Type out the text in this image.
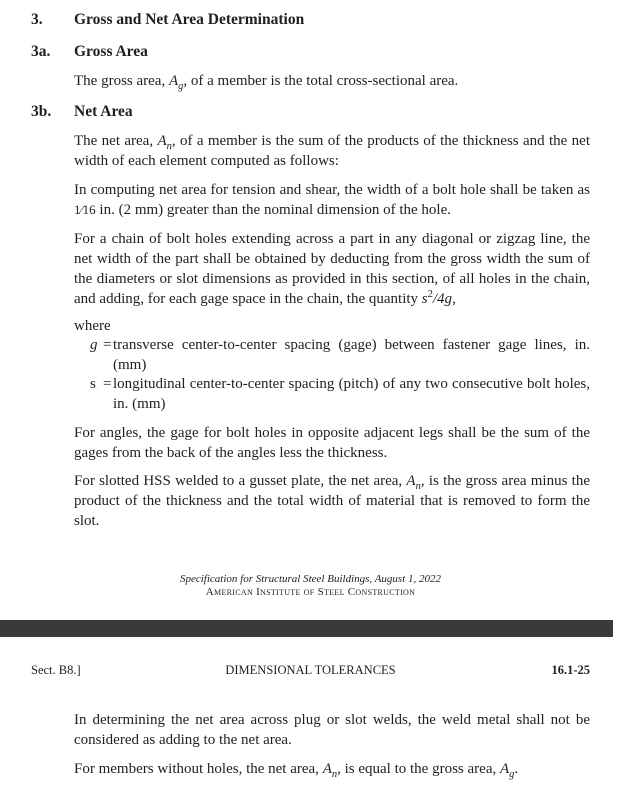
3. Gross and Net Area Determination
3a. Gross Area

The gross area, $A_g$, of a member is the total cross-sectional area.

3b. Net Area

The net area, $A_n$, of a member is the sum of the products of the thickness and the net width of each element computed as follows:

In computing net area for tension and shear, the width of a bolt hole shall be taken as 1⁄16 in. (2 mm) greater than the nominal dimension of the hole.

For a chain of bolt holes extending across a part in any diagonal or zigzag line, the net width of the part shall be obtained by deducting from the gross width the sum of the diameters or slot dimensions as provided in this section, of all holes in the chain, and adding, for each gage space in the chain, the quantity $s^2/4g$,

where
g = transverse center-to-center spacing (gage) between fastener gage lines, in. (mm)
s = longitudinal center-to-center spacing (pitch) of any two consecutive bolt holes, in. (mm)

For angles, the gage for bolt holes in opposite adjacent legs shall be the sum of the gages from the back of the angles less the thickness.

For slotted HSS welded to a gusset plate, the net area, $A_n$, is the gross area minus the product of the thickness and the total width of material that is removed to form the slot.

Specification for Structural Steel Buildings, August 1, 2022
American Institute of Steel Construction
Sect. B8.]	DIMENSIONAL TOLERANCES	16.1-25

In determining the net area across plug or slot welds, the weld metal shall not be considered as adding to the net area.

For members without holes, the net area, $A_n$, is equal to the gross area, $A_g$.
